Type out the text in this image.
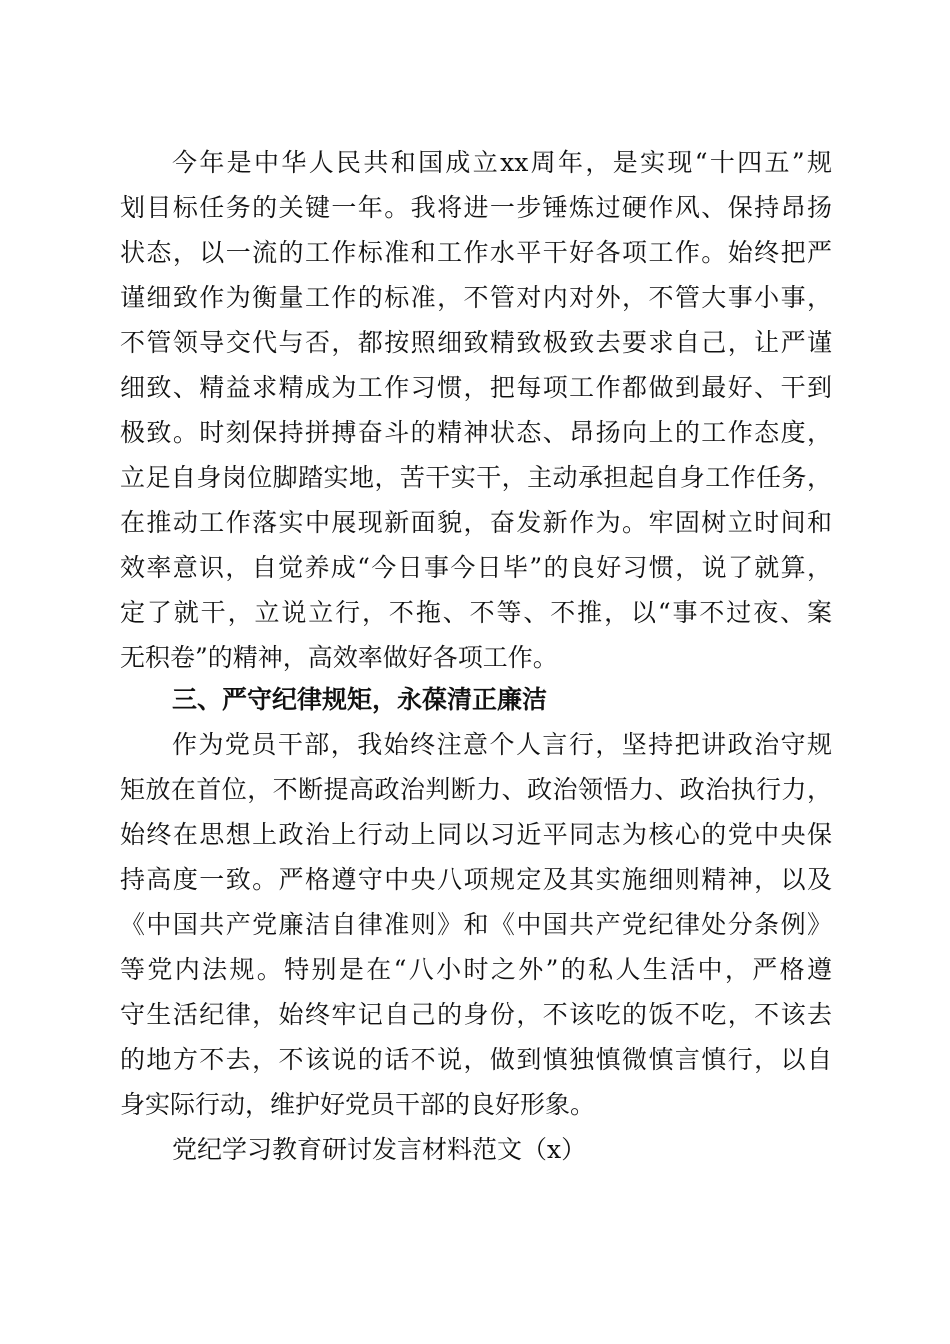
今年是中华人民共和国成立xx周年，是实现“十四五”规
划目标任务的关键一年。我将进一步锤炼过硬作风、保持昂扬
状态，以一流的工作标准和工作水平干好各项工作。始终把严
谨细致作为衡量工作的标准，不管对内对外，不管大事小事，
不管领导交代与否，都按照细致精致极致去要求自己，让严谨
细致、精益求精成为工作习惯，把每项工作都做到最好、干到
极致。时刻保持拼搏奋斗的精神状态、昂扬向上的工作态度，
立足自身岗位脚踏实地，苦干实干，主动承担起自身工作任务，
在推动工作落实中展现新面貌，奋发新作为。牢固树立时间和
效率意识，自觉养成“今日事今日毕”的良好习惯，说了就算，
定了就干，立说立行，不拖、不等、不推，以“事不过夜、案
无积卷”的精神，高效率做好各项工作。
三、严守纪律规矩，永葆清正廉洁
作为党员干部，我始终注意个人言行，坚持把讲政治守规
矩放在首位，不断提高政治判断力、政治领悟力、政治执行力，
始终在思想上政治上行动上同以习近平同志为核心的党中央保
持高度一致。严格遵守中央八项规定及其实施细则精神，以及
《中国共产党廉洁自律准则》和《中国共产党纪律处分条例》
等党内法规。特别是在“八小时之外”的私人生活中，严格遵
守生活纪律，始终牢记自己的身份，不该吃的饭不吃，不该去
的地方不去，不该说的话不说，做到慎独慎微慎言慎行，以自
身实际行动，维护好党员干部的良好形象。
党纪学习教育研讨发言材料范文（x）
